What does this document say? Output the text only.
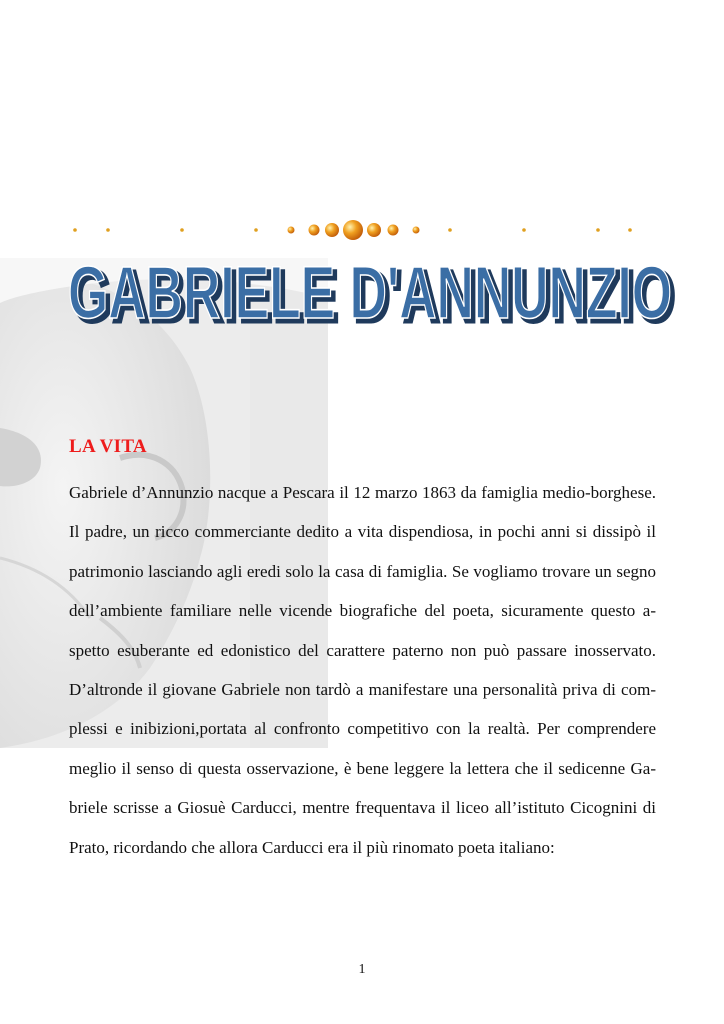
GABRIELE D'ANNUNZIO
GABRIELE D'ANNUNZIO
LA VITA
Gabriele d’Annunzio nacque a Pescara il 12 marzo 1863 da famiglia medio-borghese.
Il padre, un ricco commerciante dedito a vita dispendiosa, in pochi anni si dissipò il
patrimonio lasciando agli eredi solo la casa di famiglia. Se vogliamo trovare un segno
dell’ambiente familiare nelle vicende biografiche del poeta, sicuramente questo a-
spetto esuberante ed edonistico del carattere paterno non può passare inosservato.
D’altronde il giovane Gabriele non tardò a manifestare una personalità priva di com-
plessi e inibizioni,portata al confronto competitivo con la realtà. Per comprendere
meglio il senso di questa osservazione, è bene leggere la lettera che il sedicenne Ga-
briele scrisse a Giosuè Carducci, mentre frequentava il liceo all’istituto Cicognini di
Prato, ricordando che allora Carducci era il più rinomato poeta italiano:
1
